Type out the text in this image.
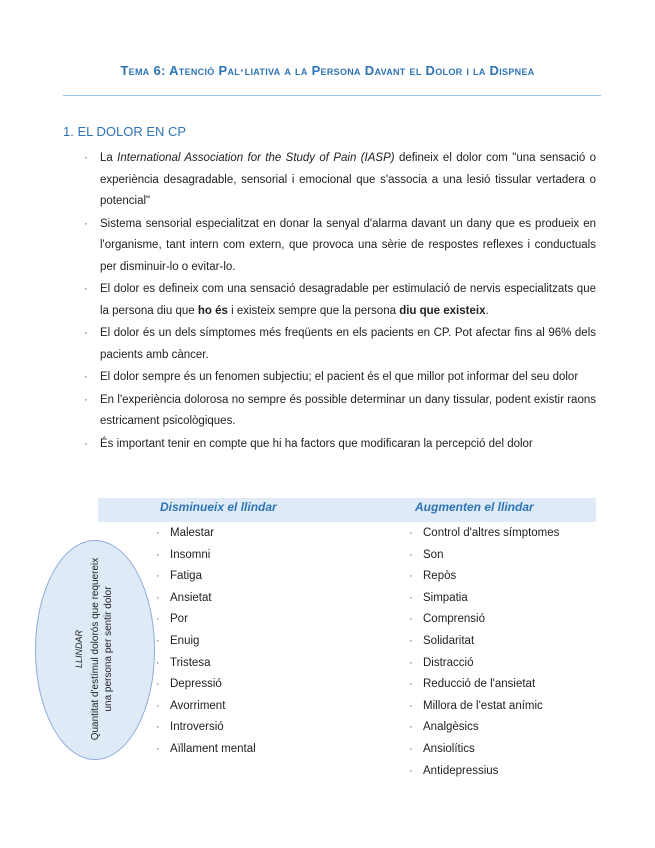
Tema 6: Atenció Pal·liativa a la Persona Davant el Dolor i la Dispnea
1. EL DOLOR EN CP
· La International Association for the Study of Pain (IASP) defineix el dolor com "una sensació o experiència desagradable, sensorial i emocional que s'associa a una lesió tissular vertadera o potencial"
· Sistema sensorial especialitzat en donar la senyal d'alarma davant un dany que es produeix en l'organisme, tant intern com extern, que provoca una sèrie de respostes reflexes i conductuals per disminuir-lo o evitar-lo.
· El dolor es defineix com una sensació desagradable per estimulació de nervis especialitzats que la persona diu que ho és i existeix sempre que la persona diu que existeix.
· El dolor és un dels símptomes més freqüents en els pacients en CP. Pot afectar fins al 96% dels pacients amb càncer.
· El dolor sempre és un fenomen subjectiu; el pacient és el que millor pot informar del seu dolor
· En l'experiència dolorosa no sempre és possible determinar un dany tissular, podent existir raons estricament psicològiques.
· És important tenir en compte que hi ha factors que modificaran la percepció del dolor
Disminueix el llindar	Augmenten el llindar
· Malestar
· Insomni
· Fatiga
· Ansietat
· Por
· Enuig
· Tristesa
· Depressió
· Avorriment
· Introversió
· Aïllament mental
· Control d'altres símptomes
· Son
· Repòs
· Simpatia
· Comprensió
· Solidaritat
· Distracció
· Reducció de l'ansietat
· Millora de l'estat anímic
· Analgèsics
· Ansiolítics
· Antidepressius
LLINDAR Quantitat d'estímul dolorós que requereix una persona per sentir dolor
